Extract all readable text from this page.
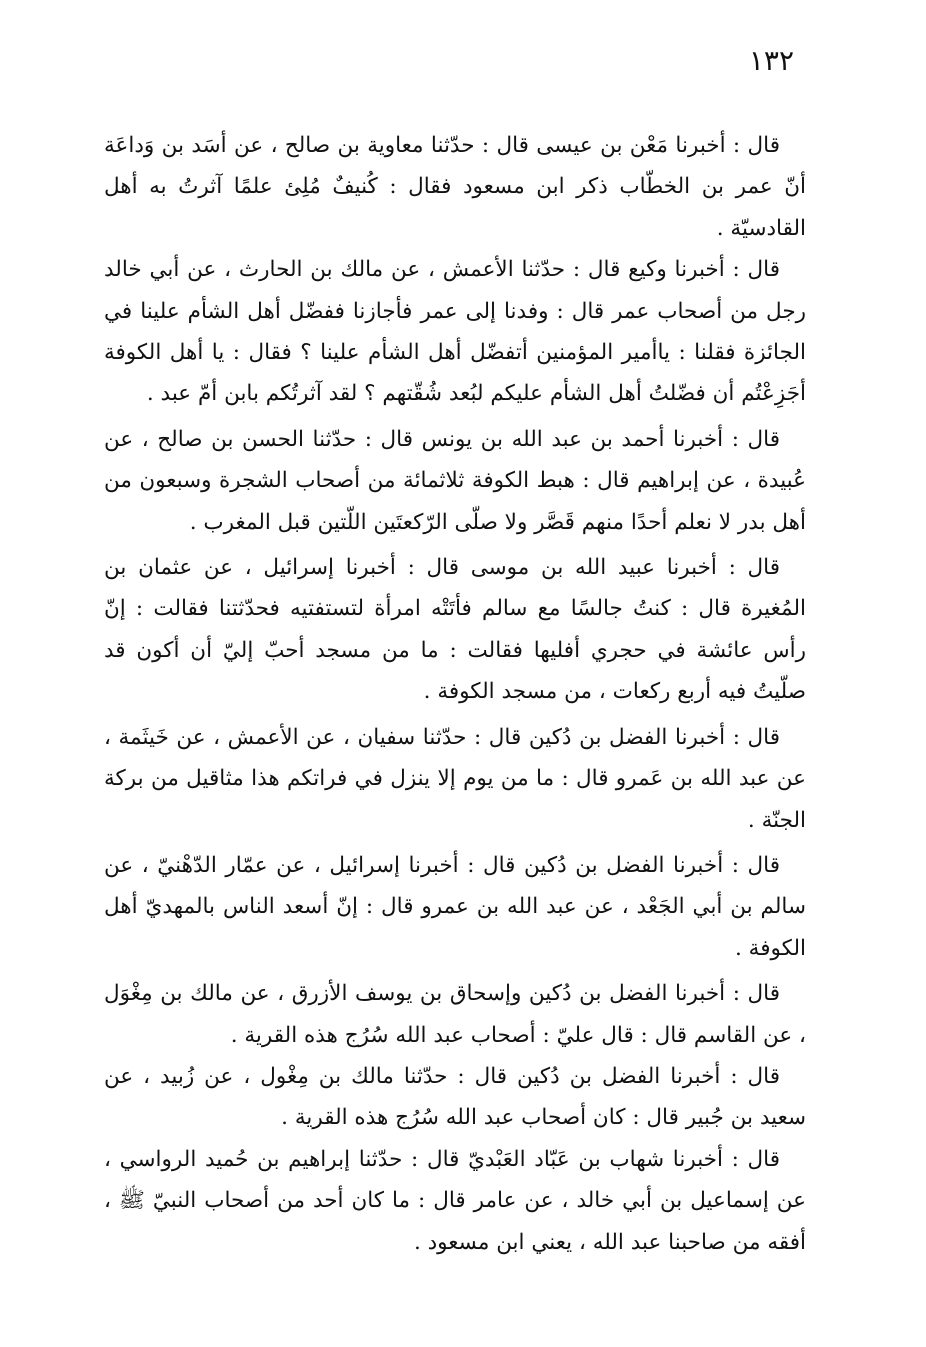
١٣٢

قال : أخبرنا مَعْن بن عيسى قال : حدّثنا معاوية بن صالح ، عن أسَد بن وَداعَة أنّ عمر بن الخطّاب ذكر ابن مسعود فقال : كُنيفٌ مُلِئ علمًا آثرتُ به أهل القادسيّة .

قال : أخبرنا وكيع قال : حدّثنا الأعمش ، عن مالك بن الحارث ، عن أبي خالد رجل من أصحاب عمر قال : وفدنا إلى عمر فأجازنا ففضّل أهل الشأم علينا في الجائزة فقلنا : ياأمير المؤمنين أتفضّل أهل الشأم علينا ؟ فقال : يا أهل الكوفة أجَزِعْتُم أن فضّلتُ أهل الشأم عليكم لبُعد شُقّتهم ؟ لقد آثرتُكم بابن أمّ عبد .

قال : أخبرنا أحمد بن عبد الله بن يونس قال : حدّثنا الحسن بن صالح ، عن عُبيدة ، عن إبراهيم قال : هبط الكوفة ثلاثمائة من أصحاب الشجرة وسبعون من أهل بدر لا نعلم أحدًا منهم قَصَّر ولا صلّى الرّكعتَين اللّتين قبل المغرب .

قال : أخبرنا عبيد الله بن موسى قال : أخبرنا إسرائيل ، عن عثمان بن المُغيرة قال : كنتُ جالسًا مع سالم فأتَتْه امرأة لتستفتيه فحدّثتنا فقالت : إنّ رأس عائشة في حجري أفليها فقالت : ما من مسجد أحبّ إليّ أن أكون قد صلّيتُ فيه أربع ركعات ، من مسجد الكوفة .

قال : أخبرنا الفضل بن دُكين قال : حدّثنا سفيان ، عن الأعمش ، عن خَيثَمة ، عن عبد الله بن عَمرو قال : ما من يوم إلا ينزل في فراتكم هذا مثاقيل من بركة الجنّة .

قال : أخبرنا الفضل بن دُكين قال : أخبرنا إسرائيل ، عن عمّار الدّهْنيّ ، عن سالم بن أبي الجَعْد ، عن عبد الله بن عمرو قال : إنّ أسعد الناس بالمهديّ أهل الكوفة .

قال : أخبرنا الفضل بن دُكين وإسحاق بن يوسف الأزرق ، عن مالك بن مِغْوَل ، عن القاسم قال : قال عليّ : أصحاب عبد الله سُرُج هذه القرية .

قال : أخبرنا الفضل بن دُكين قال : حدّثنا مالك بن مِغْول ، عن زُبيد ، عن سعيد بن جُبير قال : كان أصحاب عبد الله سُرُج هذه القرية .

قال : أخبرنا شهاب بن عَبّاد العَبْديّ قال : حدّثنا إبراهيم بن حُميد الرواسي ، عن إسماعيل بن أبي خالد ، عن عامر قال : ما كان أحد من أصحاب النبيّ ﷺ ، أفقه من صاحبنا عبد الله ، يعني ابن مسعود .
